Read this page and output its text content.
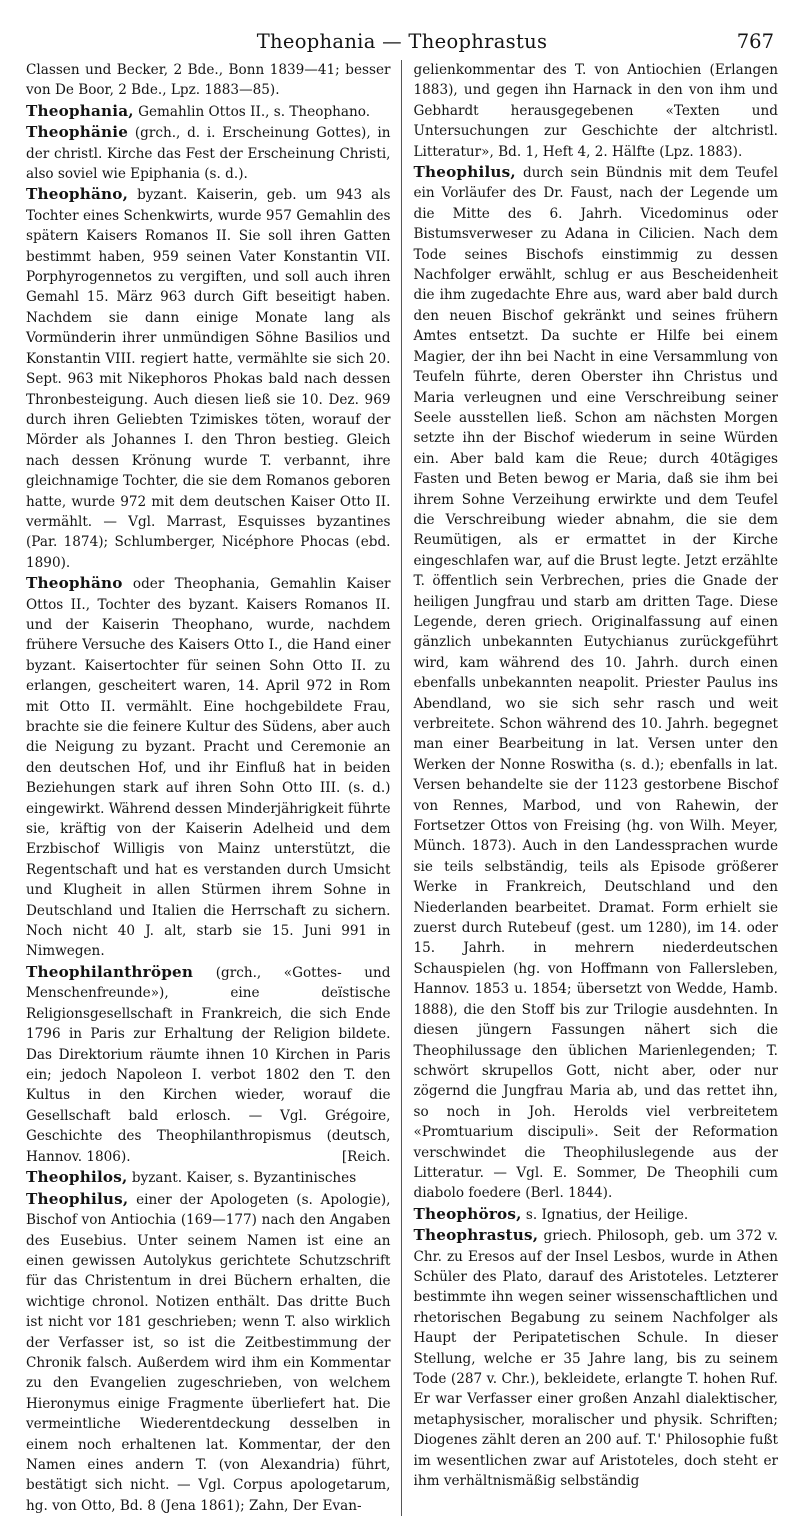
Theophania — Theophrastus	767

Classen und Becker, 2 Bde., Bonn 1839—41; besser von De Boor, 2 Bde., Lpz. 1883—85).

Theophania, Gemahlin Ottos II., s. Theophano.

Theophänie (grch., d. i. Erscheinung Gottes), in der christl. Kirche das Fest der Erscheinung Christi, also soviel wie Epiphania (s. d.).

Theophäno, byzant. Kaiserin, geb. um 943 als Tochter eines Schenkwirts, wurde 957 Gemahlin des spätern Kaisers Romanos II. Sie soll ihren Gatten bestimmt haben, 959 seinen Vater Konstantin VII. Porphyrogennetos zu vergiften, und soll auch ihren Gemahl 15. März 963 durch Gift beseitigt haben. Nachdem sie dann einige Monate lang als Vormünderin ihrer unmündigen Söhne Basilios und Konstantin VIII. regiert hatte, vermählte sie sich 20. Sept. 963 mit Nikephoros Phokas bald nach dessen Thronbesteigung. Auch diesen ließ sie 10. Dez. 969 durch ihren Geliebten Tzimiskes töten, worauf der Mörder als Johannes I. den Thron bestieg. Gleich nach dessen Krönung wurde T. verbannt, ihre gleichnamige Tochter, die sie dem Romanos geboren hatte, wurde 972 mit dem deutschen Kaiser Otto II. vermählt. — Vgl. Marrast, Esquisses byzantines (Par. 1874); Schlumberger, Nicéphore Phocas (ebd. 1890).

Theophäno oder Theophania, Gemahlin Kaiser Ottos II., Tochter des byzant. Kaisers Romanos II. und der Kaiserin Theophano, wurde, nachdem frühere Versuche des Kaisers Otto I., die Hand einer byzant. Kaisertochter für seinen Sohn Otto II. zu erlangen, gescheitert waren, 14. April 972 in Rom mit Otto II. vermählt. Eine hochgebildete Frau, brachte sie die feinere Kultur des Südens, aber auch die Neigung zu byzant. Pracht und Ceremonie an den deutschen Hof, und ihr Einfluß hat in beiden Beziehungen stark auf ihren Sohn Otto III. (s. d.) eingewirkt. Während dessen Minderjährigkeit führte sie, kräftig von der Kaiserin Adelheid und dem Erzbischof Willigis von Mainz unterstützt, die Regentschaft und hat es verstanden durch Umsicht und Klugheit in allen Stürmen ihrem Sohne in Deutschland und Italien die Herrschaft zu sichern. Noch nicht 40 J. alt, starb sie 15. Juni 991 in Nimwegen.

Theophilanthröpen (grch., «Gottes- und Menschenfreunde»), eine deïstische Religionsgesellschaft in Frankreich, die sich Ende 1796 in Paris zur Erhaltung der Religion bildete. Das Direktorium räumte ihnen 10 Kirchen in Paris ein; jedoch Napoleon I. verbot 1802 den T. den Kultus in den Kirchen wieder, worauf die Gesellschaft bald erlosch. — Vgl. Grégoire, Geschichte des Theophilanthropismus (deutsch, Hannov. 1806).	[Reich.

Theophilos, byzant. Kaiser, s. Byzantinisches

Theophilus, einer der Apologeten (s. Apologie), Bischof von Antiochia (169—177) nach den Angaben des Eusebius. Unter seinem Namen ist eine an einen gewissen Autolykus gerichtete Schutzschrift für das Christentum in drei Büchern erhalten, die wichtige chronol. Notizen enthält. Das dritte Buch ist nicht vor 181 geschrieben; wenn T. also wirklich der Verfasser ist, so ist die Zeitbestimmung der Chronik falsch. Außerdem wird ihm ein Kommentar zu den Evangelien zugeschrieben, von welchem Hieronymus einige Fragmente überliefert hat. Die vermeintliche Wiederentdeckung desselben in einem noch erhaltenen lat. Kommentar, der den Namen eines andern T. (von Alexandria) führt, bestätigt sich nicht. — Vgl. Corpus apologetarum, hg. von Otto, Bd. 8 (Jena 1861); Zahn, Der Evan-

gelienkommentar des T. von Antiochien (Erlangen 1883), und gegen ihn Harnack in den von ihm und Gebhardt herausgegebenen «Texten und Untersuchungen zur Geschichte der altchristl. Litteratur», Bd. 1, Heft 4, 2. Hälfte (Lpz. 1883).

Theophilus, durch sein Bündnis mit dem Teufel ein Vorläufer des Dr. Faust, nach der Legende um die Mitte des 6. Jahrh. Vicedominus oder Bistumsverweser zu Adana in Cilicien. Nach dem Tode seines Bischofs einstimmig zu dessen Nachfolger erwählt, schlug er aus Bescheidenheit die ihm zugedachte Ehre aus, ward aber bald durch den neuen Bischof gekränkt und seines frühern Amtes entsetzt. Da suchte er Hilfe bei einem Magier, der ihn bei Nacht in eine Versammlung von Teufeln führte, deren Oberster ihn Christus und Maria verleugnen und eine Verschreibung seiner Seele ausstellen ließ. Schon am nächsten Morgen setzte ihn der Bischof wiederum in seine Würden ein. Aber bald kam die Reue; durch 40tägiges Fasten und Beten bewog er Maria, daß sie ihm bei ihrem Sohne Verzeihung erwirkte und dem Teufel die Verschreibung wieder abnahm, die sie dem Reumütigen, als er ermattet in der Kirche eingeschlafen war, auf die Brust legte. Jetzt erzählte T. öffentlich sein Verbrechen, pries die Gnade der heiligen Jungfrau und starb am dritten Tage. Diese Legende, deren griech. Originalfassung auf einen gänzlich unbekannten Eutychianus zurückgeführt wird, kam während des 10. Jahrh. durch einen ebenfalls unbekannten neapolit. Priester Paulus ins Abendland, wo sie sich sehr rasch und weit verbreitete. Schon während des 10. Jahrh. begegnet man einer Bearbeitung in lat. Versen unter den Werken der Nonne Roswitha (s. d.); ebenfalls in lat. Versen behandelte sie der 1123 gestorbene Bischof von Rennes, Marbod, und von Rahewin, der Fortsetzer Ottos von Freising (hg. von Wilh. Meyer, Münch. 1873). Auch in den Landessprachen wurde sie teils selbständig, teils als Episode größerer Werke in Frankreich, Deutschland und den Niederlanden bearbeitet. Dramat. Form erhielt sie zuerst durch Rutebeuf (gest. um 1280), im 14. oder 15. Jahrh. in mehrern niederdeutschen Schauspielen (hg. von Hoffmann von Fallersleben, Hannov. 1853 u. 1854; übersetzt von Wedde, Hamb. 1888), die den Stoff bis zur Trilogie ausdehnten. In diesen jüngern Fassungen nähert sich die Theophilussage den üblichen Marienlegenden; T. schwört skrupellos Gott, nicht aber, oder nur zögernd die Jungfrau Maria ab, und das rettet ihn, so noch in Joh. Herolds viel verbreitetem «Promtuarium discipuli». Seit der Reformation verschwindet die Theophiluslegende aus der Litteratur. — Vgl. E. Sommer, De Theophili cum diabolo foedere (Berl. 1844).

Theophöros, s. Ignatius, der Heilige.

Theophrastus, griech. Philosoph, geb. um 372 v. Chr. zu Eresos auf der Insel Lesbos, wurde in Athen Schüler des Plato, darauf des Aristoteles. Letzterer bestimmte ihn wegen seiner wissenschaftlichen und rhetorischen Begabung zu seinem Nachfolger als Haupt der Peripatetischen Schule. In dieser Stellung, welche er 35 Jahre lang, bis zu seinem Tode (287 v. Chr.), bekleidete, erlangte T. hohen Ruf. Er war Verfasser einer großen Anzahl dialektischer, metaphysischer, moralischer und physik. Schriften; Diogenes zählt deren an 200 auf. T.' Philosophie fußt im wesentlichen zwar auf Aristoteles, doch steht er ihm verhältnismäßig selbständig
